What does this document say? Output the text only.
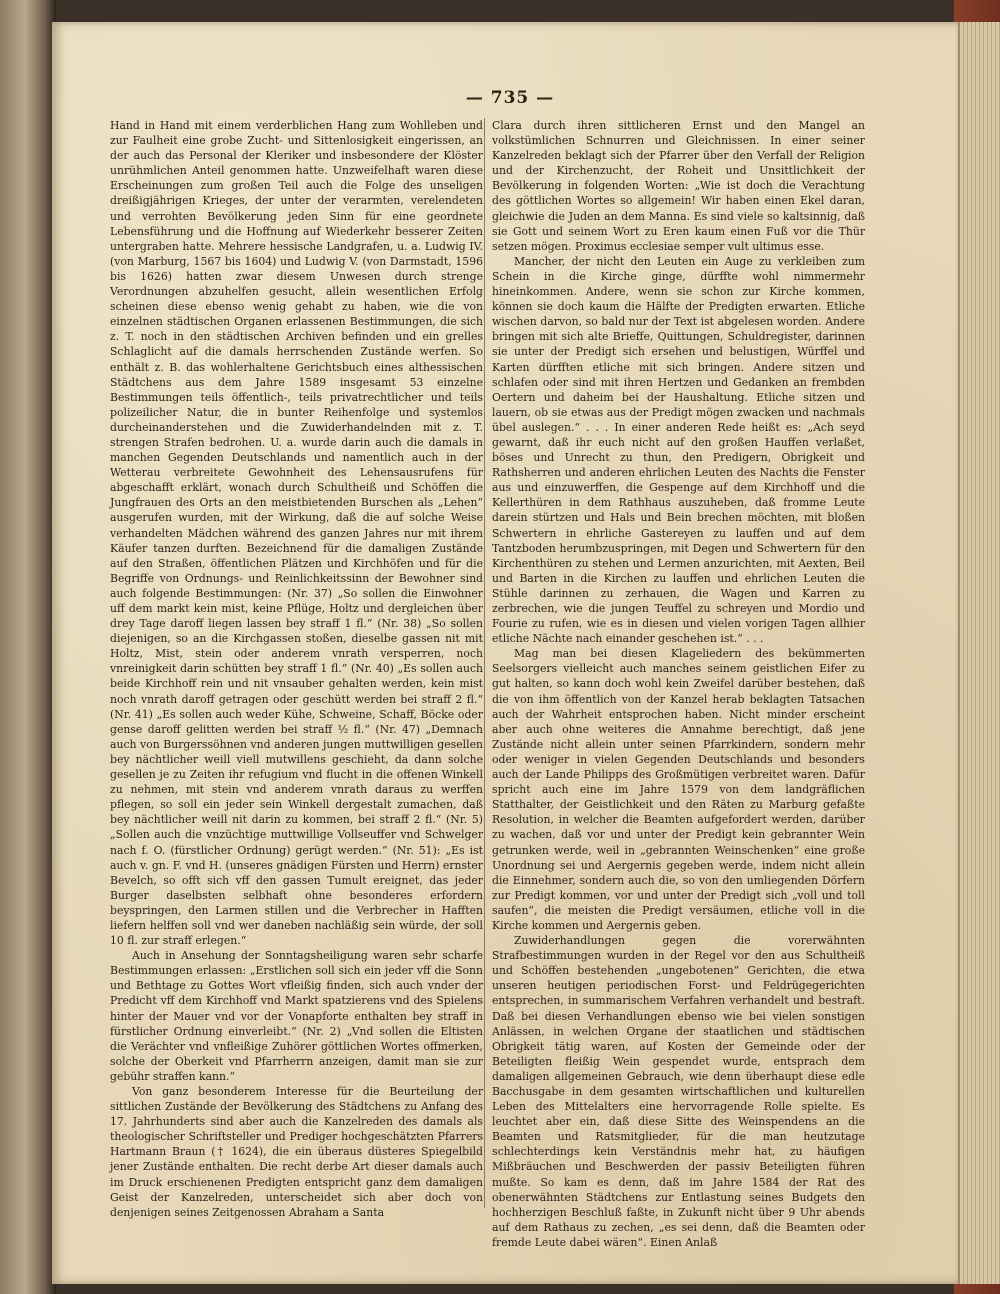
— 735 —

Hand in Hand mit einem verderblichen Hang zum Wohlleben und zur Faulheit eine grobe Zucht- und Sittenlosigkeit eingerissen, an der auch das Personal der Kleriker und insbesondere der Klöster unrühmlichen Anteil genommen hatte. Unzweifelhaft waren diese Erscheinungen zum großen Teil auch die Folge des unseligen dreißigjährigen Krieges, der unter der verarmten, verelendeten und verrohten Bevölkerung jeden Sinn für eine geordnete Lebensführung und die Hoffnung auf Wiederkehr besserer Zeiten untergraben hatte. Mehrere hessische Landgrafen, u. a. Ludwig IV. (von Marburg, 1567 bis 1604) und Ludwig V. (von Darmstadt, 1596 bis 1626) hatten zwar diesem Unwesen durch strenge Verordnungen abzuhelfen gesucht, allein wesentlichen Erfolg scheinen diese ebenso wenig gehabt zu haben, wie die von einzelnen städtischen Organen erlassenen Bestimmungen, die sich z. T. noch in den städtischen Archiven befinden und ein grelles Schlaglicht auf die damals herrschenden Zustände werfen. So enthält z. B. das wohlerhaltene Gerichtsbuch eines althessischen Städtchens aus dem Jahre 1589 insgesamt 53 einzelne Bestimmungen teils öffentlich-, teils privatrechtlicher und teils polizeilicher Natur, die in bunter Reihenfolge und systemlos durcheinanderstehen und die Zuwiderhandelnden mit z. T. strengen Strafen bedrohen. U. a. wurde darin auch die damals in manchen Gegenden Deutschlands und namentlich auch in der Wetterau verbreitete Gewohnheit des Lehensausrufens für abgeschafft erklärt, wonach durch Schultheiß und Schöffen die Jungfrauen des Orts an den meistbietenden Burschen als „Lehen“ ausgerufen wurden, mit der Wirkung, daß die auf solche Weise verhandelten Mädchen während des ganzen Jahres nur mit ihrem Käufer tanzen durften. Bezeichnend für die damaligen Zustände auf den Straßen, öffentlichen Plätzen und Kirchhöfen und für die Begriffe von Ordnungs- und Reinlichkeitssinn der Bewohner sind auch folgende Bestimmungen: (Nr. 37) „So sollen die Einwohner uff dem markt kein mist, keine Pflüge, Holtz und dergleichen über drey Tage daroff liegen lassen bey straff 1 fl.“ (Nr. 38) „So sollen diejenigen, so an die Kirchgassen stoßen, dieselbe gassen nit mit Holtz, Mist, stein oder anderem vnrath versperren, noch vnreinigkeit darin schütten bey straff 1 fl.“ (Nr. 40) „Es sollen auch beide Kirchhoff rein und nit vnsauber gehalten werden, kein mist noch vnrath daroff getragen oder geschütt werden bei straff 2 fl.“ (Nr. 41) „Es sollen auch weder Kühe, Schweine, Schaff, Böcke oder gense daroff gelitten werden bei straff ½ fl.“ (Nr. 47) „Demnach auch von Burgerssöhnen vnd anderen jungen muttwilligen gesellen bey nächtlicher weill viell mutwillens geschieht, da dann solche gesellen je zu Zeiten ihr refugium vnd flucht in die offenen Winkell zu nehmen, mit stein vnd anderem vnrath daraus zu werffen pflegen, so soll ein jeder sein Winkell dergestalt zumachen, daß bey nächtlicher weill nit darin zu kommen, bei straff 2 fl.“ (Nr. 5) „Sollen auch die vnzüchtige muttwillige Vollseuffer vnd Schwelger nach f. O. (fürstlicher Ordnung) gerügt werden.“ (Nr. 51): „Es ist auch v. gn. F. vnd H. (unseres gnädigen Fürsten und Herrn) ernster Bevelch, so offt sich vff den gassen Tumult ereignet, das jeder Burger daselbsten selbhaft ohne besonderes erfordern beyspringen, den Larmen stillen und die Verbrecher in Hafften liefern helffen soll vnd wer daneben nachläßig sein würde, der soll 10 fl. zur straff erlegen.“

Auch in Ansehung der Sonntagsheiligung waren sehr scharfe Bestimmungen erlassen: „Erstlichen soll sich ein jeder vff die Sonn und Bethtage zu Gottes Wort vfleißig finden, sich auch vnder der Predicht vff dem Kirchhoff vnd Markt spatzierens vnd des Spielens hinter der Mauer vnd vor der Vonapforte enthalten bey straff in fürstlicher Ordnung einverleibt.“ (Nr. 2) „Vnd sollen die Eltisten die Verächter vnd vnfleißige Zuhörer göttlichen Wortes offmerken, solche der Oberkeit vnd Pfarrherrn anzeigen, damit man sie zur gebühr straffen kann.“

Von ganz besonderem Interesse für die Beurteilung der sittlichen Zustände der Bevölkerung des Städtchens zu Anfang des 17. Jahrhunderts sind aber auch die Kanzelreden des damals als theologischer Schriftsteller und Prediger hochgeschätzten Pfarrers Hartmann Braun († 1624), die ein überaus düsteres Spiegelbild jener Zustände enthalten. Die recht derbe Art dieser damals auch im Druck erschienenen Predigten entspricht ganz dem damaligen Geist der Kanzelreden, unterscheidet sich aber doch von denjenigen seines Zeitgenossen Abraham a Santa

Clara durch ihren sittlicheren Ernst und den Mangel an volkstümlichen Schnurren und Gleichnissen. In einer seiner Kanzelreden beklagt sich der Pfarrer über den Verfall der Religion und der Kirchenzucht, der Roheit und Unsittlichkeit der Bevölkerung in folgenden Worten: „Wie ist doch die Verachtung des göttlichen Wortes so allgemein! Wir haben einen Ekel daran, gleichwie die Juden an dem Manna. Es sind viele so kaltsinnig, daß sie Gott und seinem Wort zu Eren kaum einen Fuß vor die Thür setzen mögen. Proximus ecclesiae semper vult ultimus esse.

Mancher, der nicht den Leuten ein Auge zu verkleiben zum Schein in die Kirche ginge, dürffte wohl nimmermehr hineinkommen. Andere, wenn sie schon zur Kirche kommen, können sie doch kaum die Hälfte der Predigten erwarten. Etliche wischen darvon, so bald nur der Text ist abgelesen worden. Andere bringen mit sich alte Brieffe, Quittungen, Schuldregister, darinnen sie unter der Predigt sich ersehen und belustigen, Würffel und Karten dürfften etliche mit sich bringen. Andere sitzen und schlafen oder sind mit ihren Hertzen und Gedanken an frembden Oertern und daheim bei der Haushaltung. Etliche sitzen und lauern, ob sie etwas aus der Predigt mögen zwacken und nachmals übel auslegen.“ . . . In einer anderen Rede heißt es: „Ach seyd gewarnt, daß ihr euch nicht auf den großen Hauffen verlaßet, böses und Unrecht zu thun, den Predigern, Obrigkeit und Rathsherren und anderen ehrlichen Leuten des Nachts die Fenster aus und einzuwerffen, die Gespenge auf dem Kirchhoff und die Kellerthüren in dem Rathhaus auszuheben, daß fromme Leute darein stürtzen und Hals und Bein brechen möchten, mit bloßen Schwertern in ehrliche Gastereyen zu lauffen und auf dem Tantzboden herumbzuspringen, mit Degen und Schwertern für den Kirchenthüren zu stehen und Lermen anzurichten, mit Aexten, Beil und Barten in die Kirchen zu lauffen und ehrlichen Leuten die Stühle darinnen zu zerhauen, die Wagen und Karren zu zerbrechen, wie die jungen Teuffel zu schreyen und Mordio und Fourie zu rufen, wie es in diesen und vielen vorigen Tagen allhier etliche Nächte nach einander geschehen ist.“ . . .

Mag man bei diesen Klageliedern des bekümmerten Seelsorgers vielleicht auch manches seinem geistlichen Eifer zu gut halten, so kann doch wohl kein Zweifel darüber bestehen, daß die von ihm öffentlich von der Kanzel herab beklagten Tatsachen auch der Wahrheit entsprochen haben. Nicht minder erscheint aber auch ohne weiteres die Annahme berechtigt, daß jene Zustände nicht allein unter seinen Pfarrkindern, sondern mehr oder weniger in vielen Gegenden Deutschlands und besonders auch der Lande Philipps des Großmütigen verbreitet waren. Dafür spricht auch eine im Jahre 1579 von dem landgräflichen Statthalter, der Geistlichkeit und den Räten zu Marburg gefaßte Resolution, in welcher die Beamten aufgefordert werden, darüber zu wachen, daß vor und unter der Predigt kein gebrannter Wein getrunken werde, weil in „gebrannten Weinschenken“ eine große Unordnung sei und Aergernis gegeben werde, indem nicht allein die Einnehmer, sondern auch die, so von den umliegenden Dörfern zur Predigt kommen, vor und unter der Predigt sich „voll und toll saufen“, die meisten die Predigt versäumen, etliche voll in die Kirche kommen und Aergernis geben.

Zuwiderhandlungen gegen die vorerwähnten Strafbestimmungen wurden in der Regel vor den aus Schultheiß und Schöffen bestehenden „ungebotenen“ Gerichten, die etwa unseren heutigen periodischen Forst- und Feldrügegerichten entsprechen, in summarischem Verfahren verhandelt und bestraft. Daß bei diesen Verhandlungen ebenso wie bei vielen sonstigen Anlässen, in welchen Organe der staatlichen und städtischen Obrigkeit tätig waren, auf Kosten der Gemeinde oder der Beteiligten fleißig Wein gespendet wurde, entsprach dem damaligen allgemeinen Gebrauch, wie denn überhaupt diese edle Bacchusgabe in dem gesamten wirtschaftlichen und kulturellen Leben des Mittelalters eine hervorragende Rolle spielte. Es leuchtet aber ein, daß diese Sitte des Weinspendens an die Beamten und Ratsmitglieder, für die man heutzutage schlechterdings kein Verständnis mehr hat, zu häufigen Mißbräuchen und Beschwerden der passiv Beteiligten führen mußte. So kam es denn, daß im Jahre 1584 der Rat des obenerwähnten Städtchens zur Entlastung seines Budgets den hochherzigen Beschluß faßte, in Zukunft nicht über 9 Uhr abends auf dem Rathaus zu zechen, „es sei denn, daß die Beamten oder fremde Leute dabei wären“. Einen Anlaß
